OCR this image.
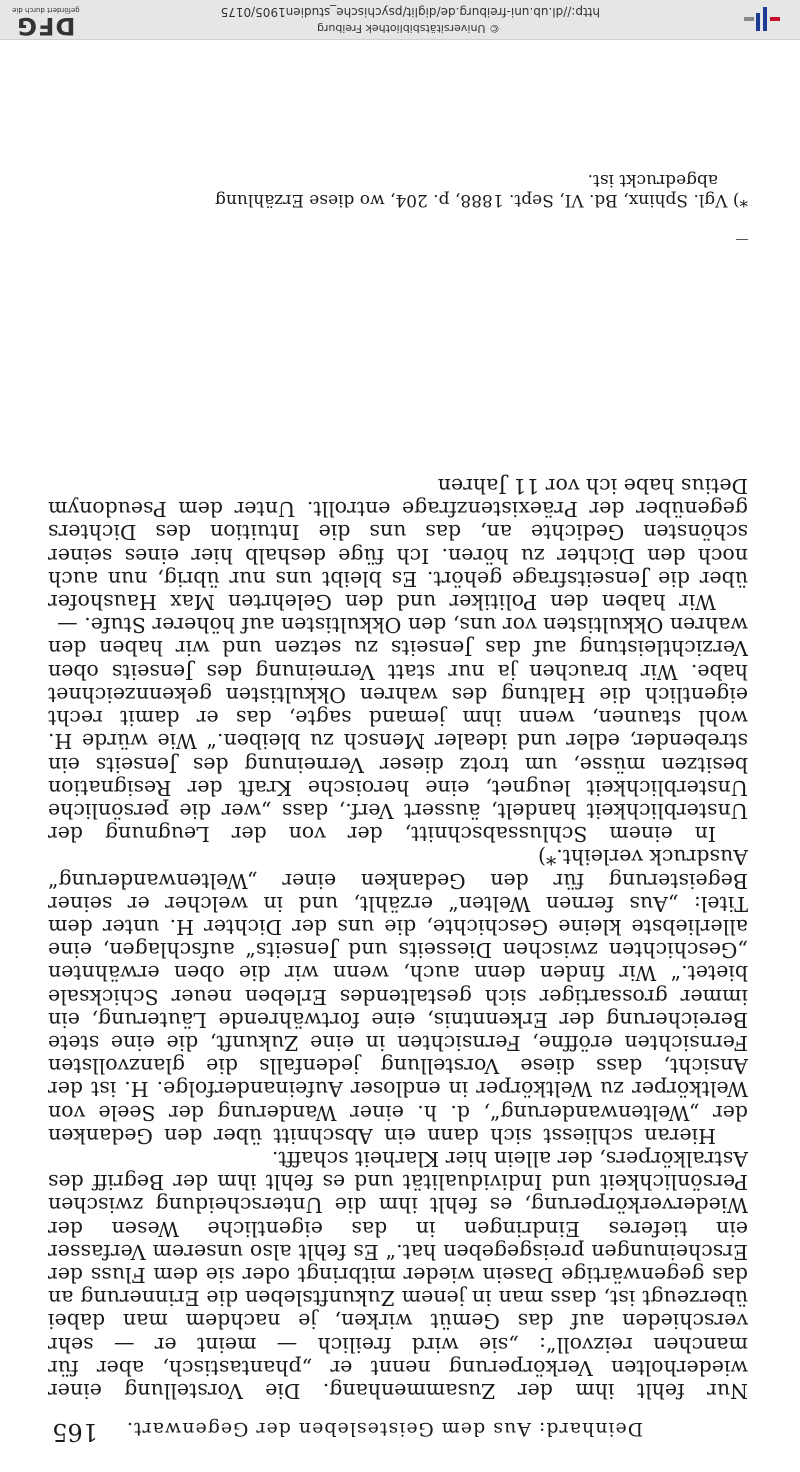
Deinhard: Aus dem Geistesleben der Gegenwart.
165

Nur fehlt ihm der Zusammenhang. Die Vorstellung einer wiederholten Verkörperung nennt er „phantastisch, aber für manchen reizvoll“: „sie wird freilich — meint er — sehr verschieden auf das Gemüt wirken, je nachdem man dabei überzeugt ist, dass man in jenem Zukunftsleben die Erinnerung an das gegenwärtige Dasein wieder mitbringt oder sie dem Fluss der Erscheinungen preisgegeben hat.“ Es fehlt also unserem Verfasser ein tieferes Eindringen in das eigentliche Wesen der Wiederverkörperung, es fehlt ihm die Unterscheidung zwischen Persönlichkeit und Individualität und es fehlt ihm der Begriff des Astralkörpers, der allein hier Klarheit schafft.

Hieran schliesst sich dann ein Abschnitt über den Gedanken der „Weltenwanderung“, d. h. einer Wanderung der Seele von Weltkörper zu Weltkörper in endloser Aufeinanderfolge. H. ist der Ansicht, dass diese Vorstellung jedenfalls die glanzvollsten Fernsichten eröffne, Fernsichten in eine Zukunft, die eine stete Bereicherung der Erkenntnis, eine fortwährende Läuterung, ein immer grossartiger sich gestaltendes Erleben neuer Schicksale bietet.“ Wir finden denn auch, wenn wir die oben erwähnten „Geschichten zwischen Diesseits und Jenseits“ aufschlagen, eine allerliebste kleine Geschichte, die uns der Dichter H. unter dem Titel: „Aus fernen Welten“ erzählt, und in welcher er seiner Begeisterung für den Gedanken einer „Weltenwanderung“ Ausdruck verleiht.*)

In einem Schlussabschnitt, der von der Leugnung der Unsterblichkeit handelt, äussert Verf., dass „wer die persönliche Unsterblichkeit leugnet, eine heroische Kraft der Resignation besitzen müsse, um trotz dieser Verneinung des Jenseits ein strebender, edler und idealer Mensch zu bleiben.“ Wie würde H. wohl staunen, wenn ihm jemand sagte, das er damit recht eigentlich die Haltung des wahren Okkultisten gekennzeichnet habe. Wir brauchen ja nur statt Verneinung des Jenseits oben Verzichtleistung auf das Jenseits zu setzen und wir haben den wahren Okkultisten vor uns, den Okkultisten auf höherer Stufe. —

Wir haben den Politiker und den Gelehrten Max Haushofer über die Jenseitsfrage gehört. Es bleibt uns nur übrig, nun auch noch den Dichter zu hören. Ich füge deshalb hier eines seiner schönsten Gedichte an, das uns die Intuition des Dichters gegenüber der Präexistenzfrage entrollt. Unter dem Pseudonym Detius habe ich vor 11 Jahren

*) Vgl. Sphinx, Bd. VI, Sept. 1888, p. 204, wo diese Erzählung
abgedruckt ist.
© Universitätsbibliothek Freiburg
http://dl.ub.uni-freiburg.de/diglit/psychische_studien1905/0175
DFG
gefördert durch die
